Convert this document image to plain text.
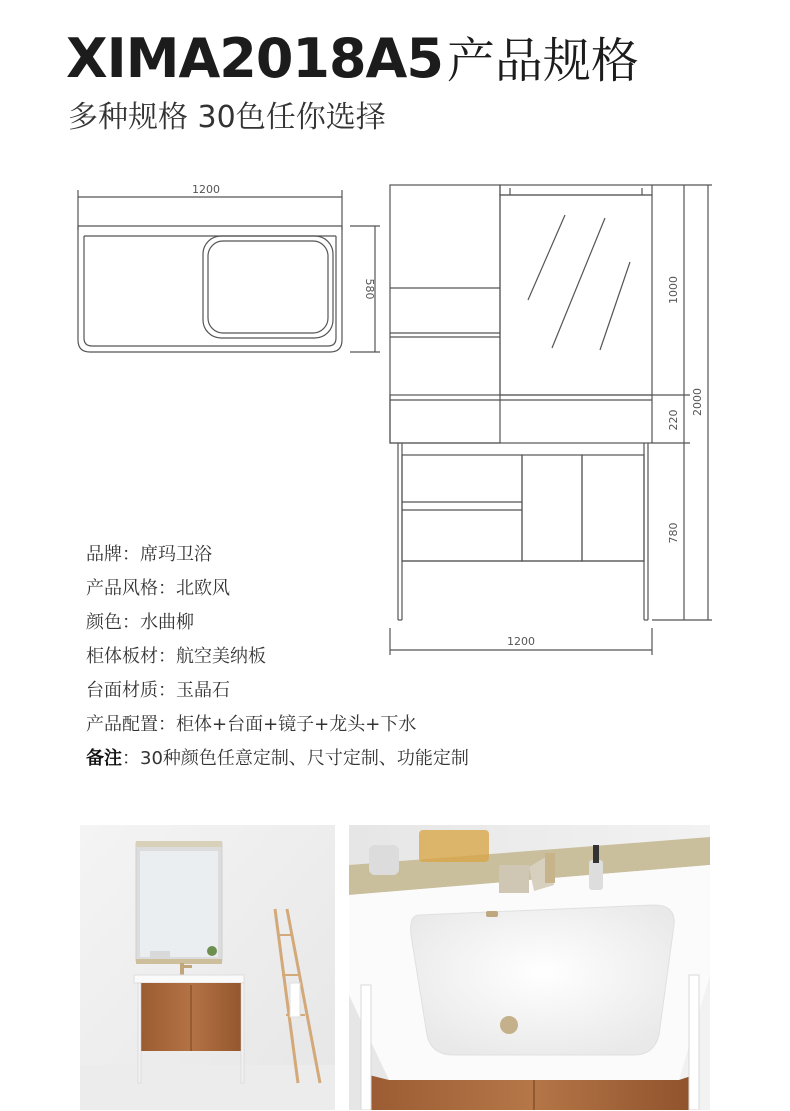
XIMA2018A5 产品规格
多种规格 30色任你选择
1200
580	1000
220
2000
780
1200
品牌：席玛卫浴
产品风格：北欧风
颜色：水曲柳
柜体板材：航空美纳板
台面材质：玉晶石
产品配置：柜体+台面+镜子+龙头+下水
备注：30种颜色任意定制、尺寸定制、功能定制
